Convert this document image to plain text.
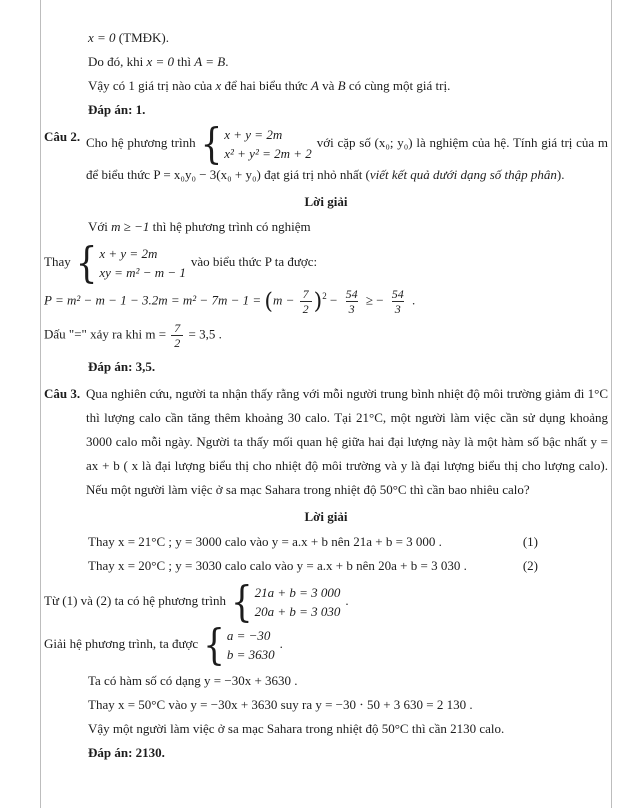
x = 0 (TMĐK).
Do đó, khi x = 0 thì A = B.
Vậy có 1 giá trị nào của x để hai biểu thức A và B có cùng một giá trị.
Đáp án: 1.
Câu 2. Cho hệ phương trình { x + y = 2m
x² + y² = 2m + 2
với cặp số (x₀; y₀) là nghiệm của hệ. Tính giá trị của m để biểu thức P = x₀y₀ − 3(x₀ + y₀) đạt giá trị nhỏ nhất (viết kết quả dưới dạng số thập phân).
Lời giải
Với m ≥ −1 thì hệ phương trình có nghiệm
Thay { x + y = 2m
xy = m² − m − 1
vào biểu thức P ta được:
$P = m^2 - m - 1 - 3.2m = m^2 - 7m - 1 = (m - \frac{7}{2} )^2 - \frac{54}{3}$ ≥ − $\frac{54}{3}$ .
Dấu "=" xảy ra khi $m = \frac{7}{2} = 3,5$ .
Đáp án: 3,5.
Câu 3. Qua nghiên cứu, người ta nhận thấy rằng với mỗi người trung bình nhiệt độ môi trường giảm đi 1°C thì lượng calo cần tăng thêm khoảng 30 calo. Tại 21°C, một người làm việc cần sử dụng khoảng 3000 calo mỗi ngày. Người ta thấy mối quan hệ giữa hai đại lượng này là một hàm số bậc nhất y = ax + b ( x là đại lượng biểu thị cho nhiệt độ môi trường và y là đại lượng biểu thị cho lượng calo). Nếu một người làm việc ở sa mạc Sahara trong nhiệt độ 50°C thì cần bao nhiêu calo?
Lời giải
Thay x = 21°C ; y = 3000 calo vào y = a.x + b nên 21a + b = 3 000 .	(1)
Thay x = 20°C ; y = 3030 calo calo vào y = a.x + b nên 20a + b = 3 030 .	(2)
Từ (1) và (2) ta có hệ phương trình { 21a + b = 3 000
20a + b = 3 030
.
Giải hệ phương trình, ta được { a = −30
b = 3630
.
Ta có hàm số có dạng y = −30x + 3630 .
Thay x = 50°C vào y = −30x + 3630 suy ra y = −30 ⋅ 50 + 3 630 = 2 130 .
Vậy một người làm việc ở sa mạc Sahara trong nhiệt độ 50°C thì cần 2130 calo.
Đáp án: 2130.
